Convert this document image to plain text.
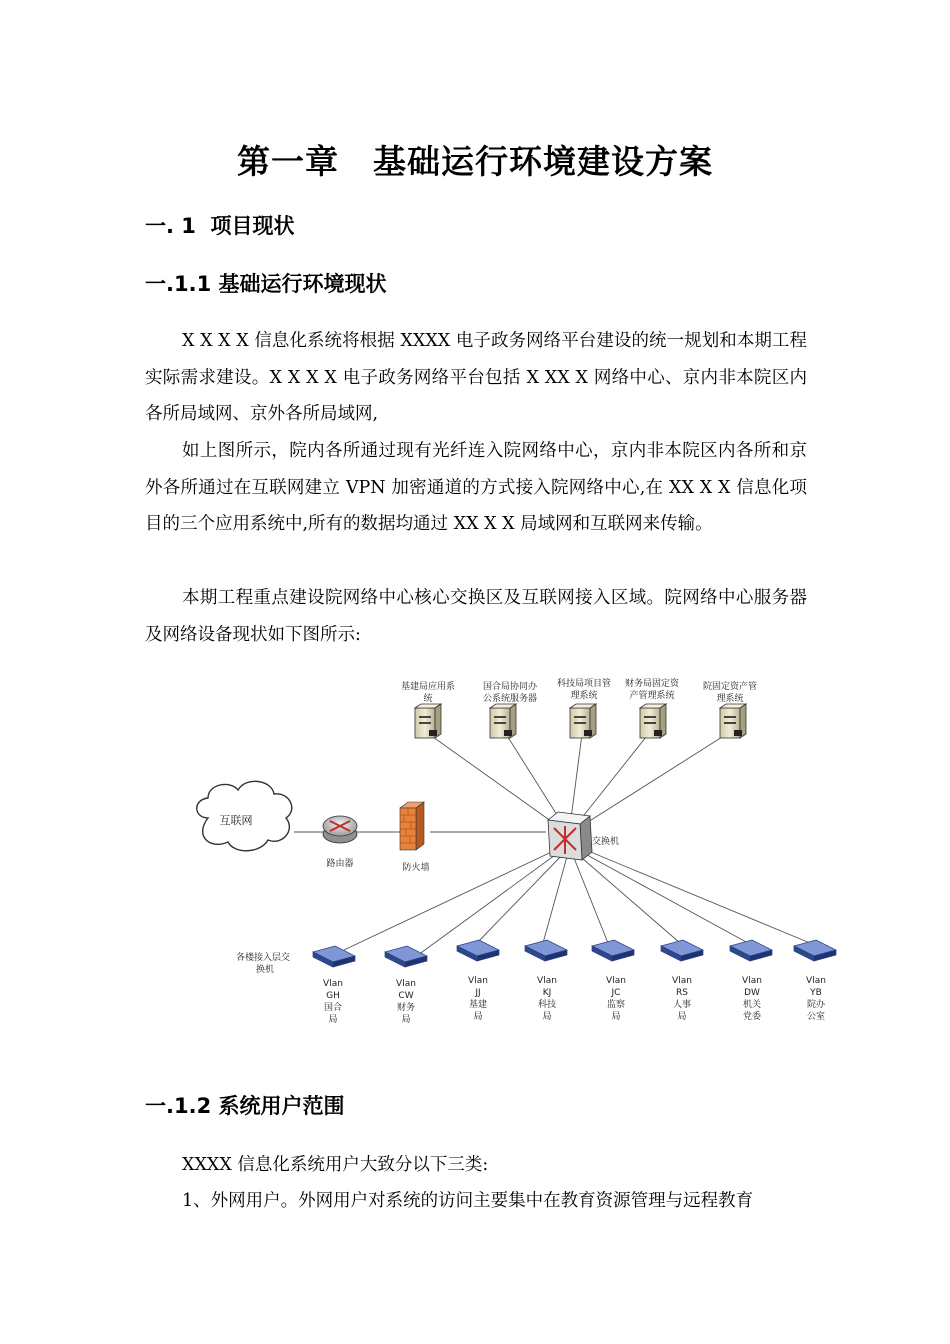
第一章　基础运行环境建设方案
一. 1  项目现状
一.1.1 基础运行环境现状

X X X X 信息化系统将根据 XXXX 电子政务网络平台建设的统一规划和本期工程实际需求建设。X X X X 电子政务网络平台包括 X XX X 网络中心、京内非本院区内各所局域网、京外各所局域网,

如上图所示，院内各所通过现有光纤连入院网络中心，京内非本院区内各所和京外各所通过在互联网建立 VPN 加密通道的方式接入院网络中心,在 XX X X 信息化项目的三个应用系统中,所有的数据均通过 XX X X 局域网和互联网来传输。

本期工程重点建设院网络中心核心交换区及互联网接入区域。院网络中心服务器及网络设备现状如下图所示:

基建局应用系
统
国合局协同办
公系统服务器
科技局项目管
理系统
财务局固定资
产管理系统
院固定资产管
理系统
互联网
路由器	防火墙
交换机
各楼接入层交
换机
Vlan
GH
国合
局
Vlan
CW
财务
局
Vlan
JJ
基建
局
Vlan
KJ
科技
局
Vlan
JC
监察
局
Vlan
RS
人事
局
Vlan
DW
机关
党委
Vlan
YB
院办
公室
一.1.2 系统用户范围

XXXX 信息化系统用户大致分以下三类:

1、外网用户。外网用户对系统的访问主要集中在教育资源管理与远程教育
